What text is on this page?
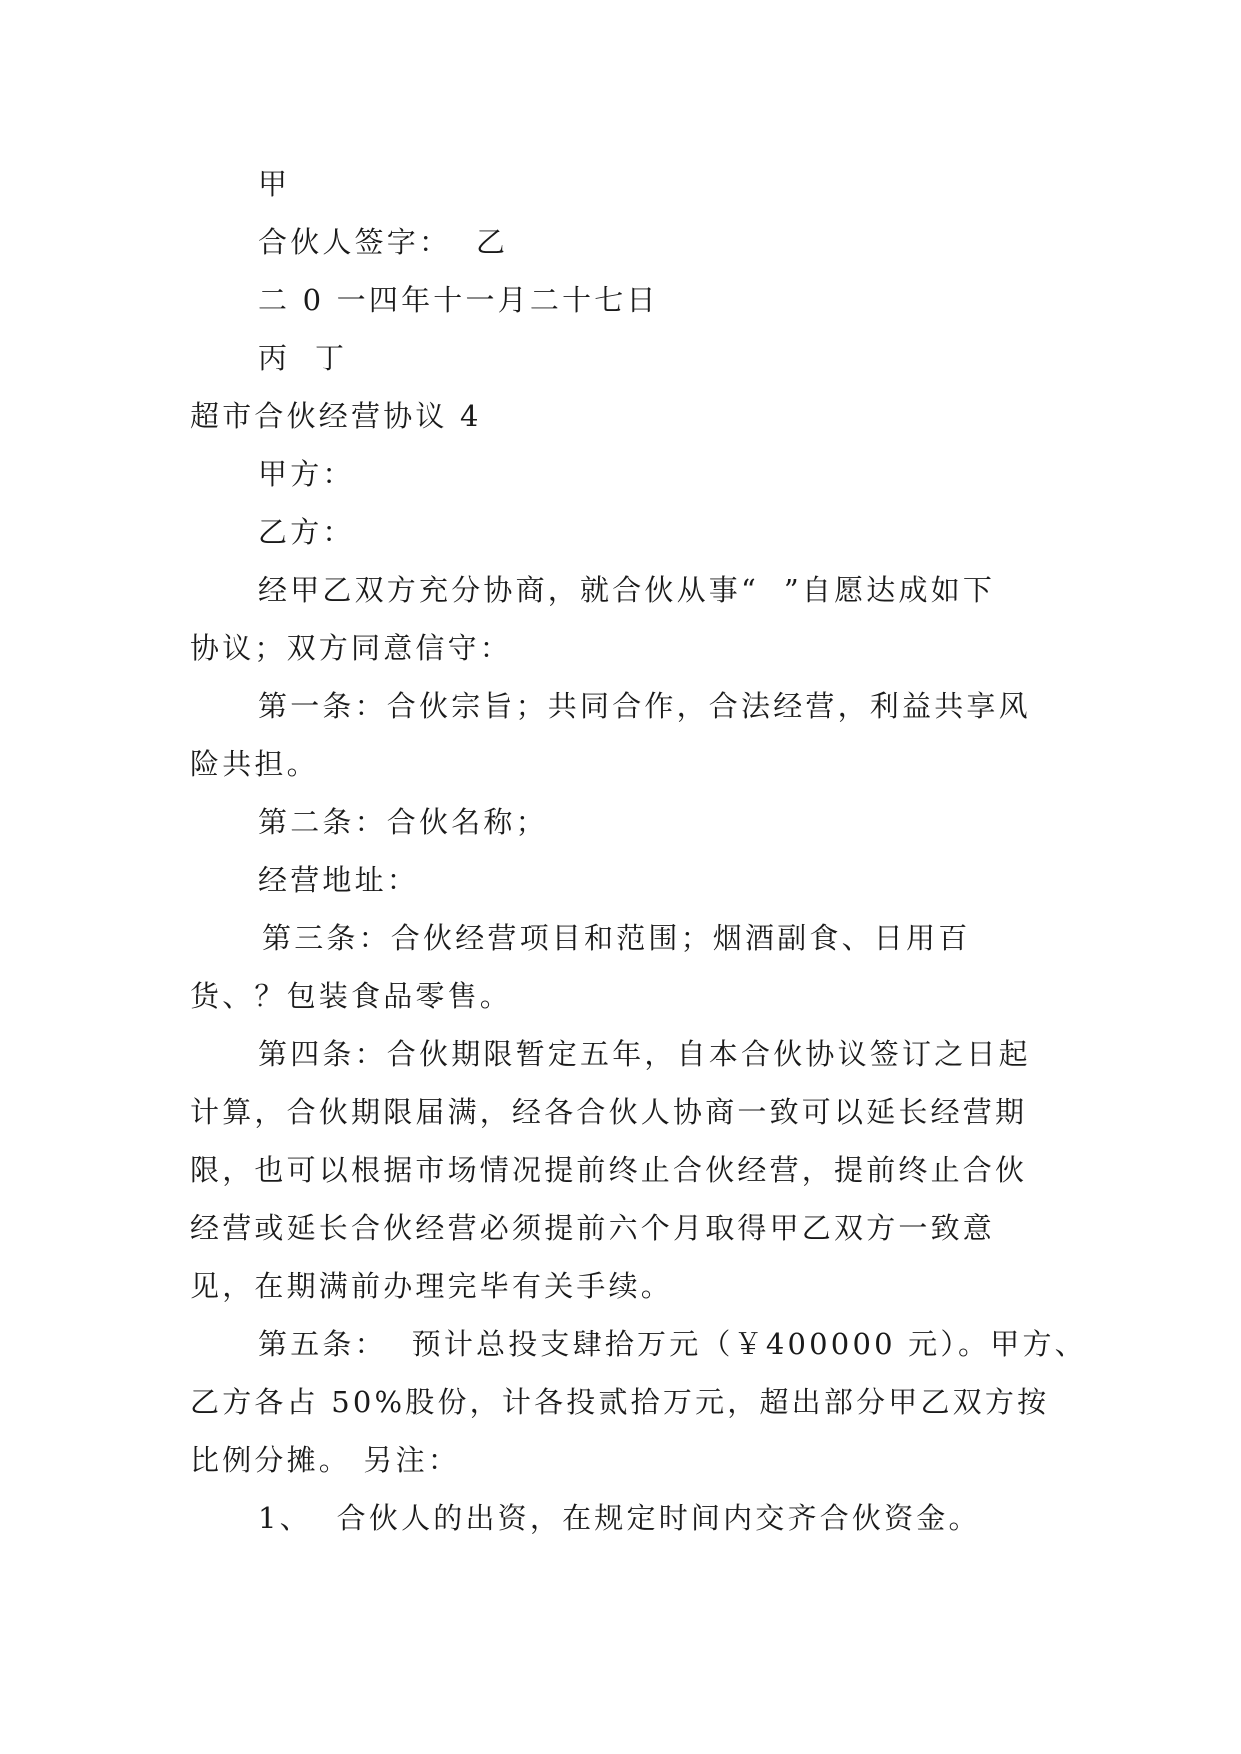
甲
合伙人签字：  乙
二 0 一四年十一月二十七日
丙  丁
超市合伙经营协议 4
甲方：
乙方：
经甲乙双方充分协商，就合伙从事“  ”自愿达成如下
协议；双方同意信守：
第一条：合伙宗旨；共同合作，合法经营，利益共享风
险共担。
第二条：合伙名称；
经营地址：
第三条：合伙经营项目和范围；烟酒副食、日用百
货、？包装食品零售。
第四条：合伙期限暂定五年，自本合伙协议签订之日起
计算，合伙期限届满，经各合伙人协商一致可以延长经营期
限，也可以根据市场情况提前终止合伙经营，提前终止合伙
经营或延长合伙经营必须提前六个月取得甲乙双方一致意
见，在期满前办理完毕有关手续。
第五条：  预计总投支肆拾万元（￥400000 元）。甲方、
乙方各占 50%股份，计各投贰拾万元，超出部分甲乙双方按
比例分摊。 另注：
1、  合伙人的出资，在规定时间内交齐合伙资金。
